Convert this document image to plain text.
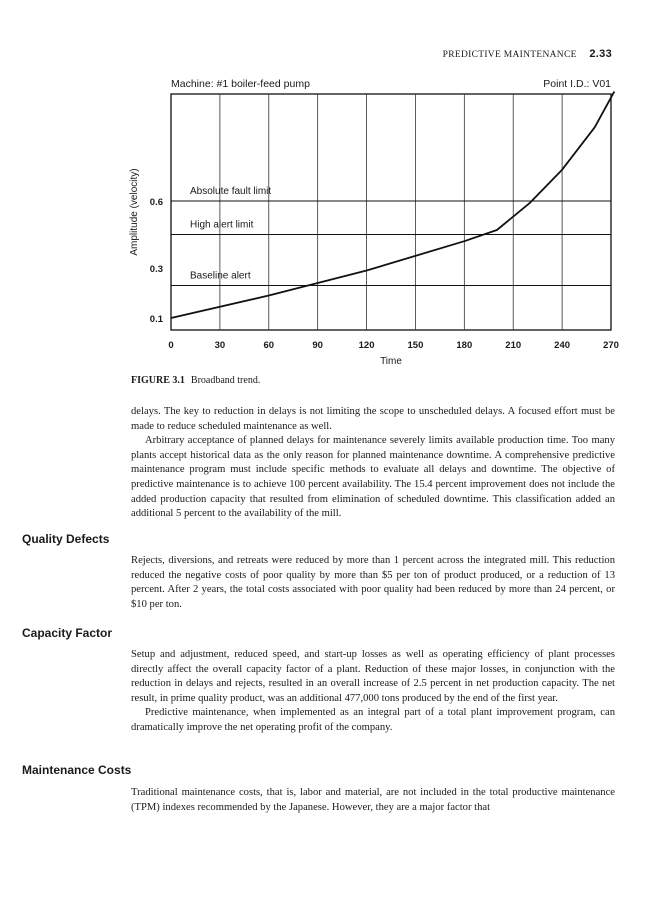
PREDICTIVE MAINTENANCE 2.33
Machine: #1 boiler-feed pump	Point I.D.: V01
0	30	60	90	120	150	180	210	240	270
0.1
0.3
0.6
Time
Amplitude (velocity)	Absolute fault limit
High alert limit
Baseline alert
FIGURE 3.1 Broadband trend.

delays. The key to reduction in delays is not limiting the scope to unscheduled delays. A focused effort must be made to reduce scheduled maintenance as well.

Arbitrary acceptance of planned delays for maintenance severely limits available production time. Too many plants accept historical data as the only reason for planned maintenance downtime. A comprehensive predictive maintenance program must include specific methods to evaluate all delays and downtime. The objective of predictive maintenance is to achieve 100 percent availability. The 15.4 percent improvement does not include the added production capacity that resulted from elimination of scheduled downtime. This classification added an additional 5 percent to the availability of the mill.

Quality Defects

Rejects, diversions, and retreats were reduced by more than 1 percent across the integrated mill. This reduction reduced the negative costs of poor quality by more than $5 per ton of product produced, or a reduction of 13 percent. After 2 years, the total costs associated with poor quality had been reduced by more than 24 percent, or $10 per ton.

Capacity Factor

Setup and adjustment, reduced speed, and start-up losses as well as operating efficiency of plant processes directly affect the overall capacity factor of a plant. Reduction of these major losses, in conjunction with the reduction in delays and rejects, resulted in an overall increase of 2.5 percent in net production capacity. The net result, in prime quality product, was an additional 477,000 tons produced by the end of the first year.

Predictive maintenance, when implemented as an integral part of a total plant improvement program, can dramatically improve the net operating profit of the company.

Maintenance Costs

Traditional maintenance costs, that is, labor and material, are not included in the total productive maintenance (TPM) indexes recommended by the Japanese. However, they are a major factor that
